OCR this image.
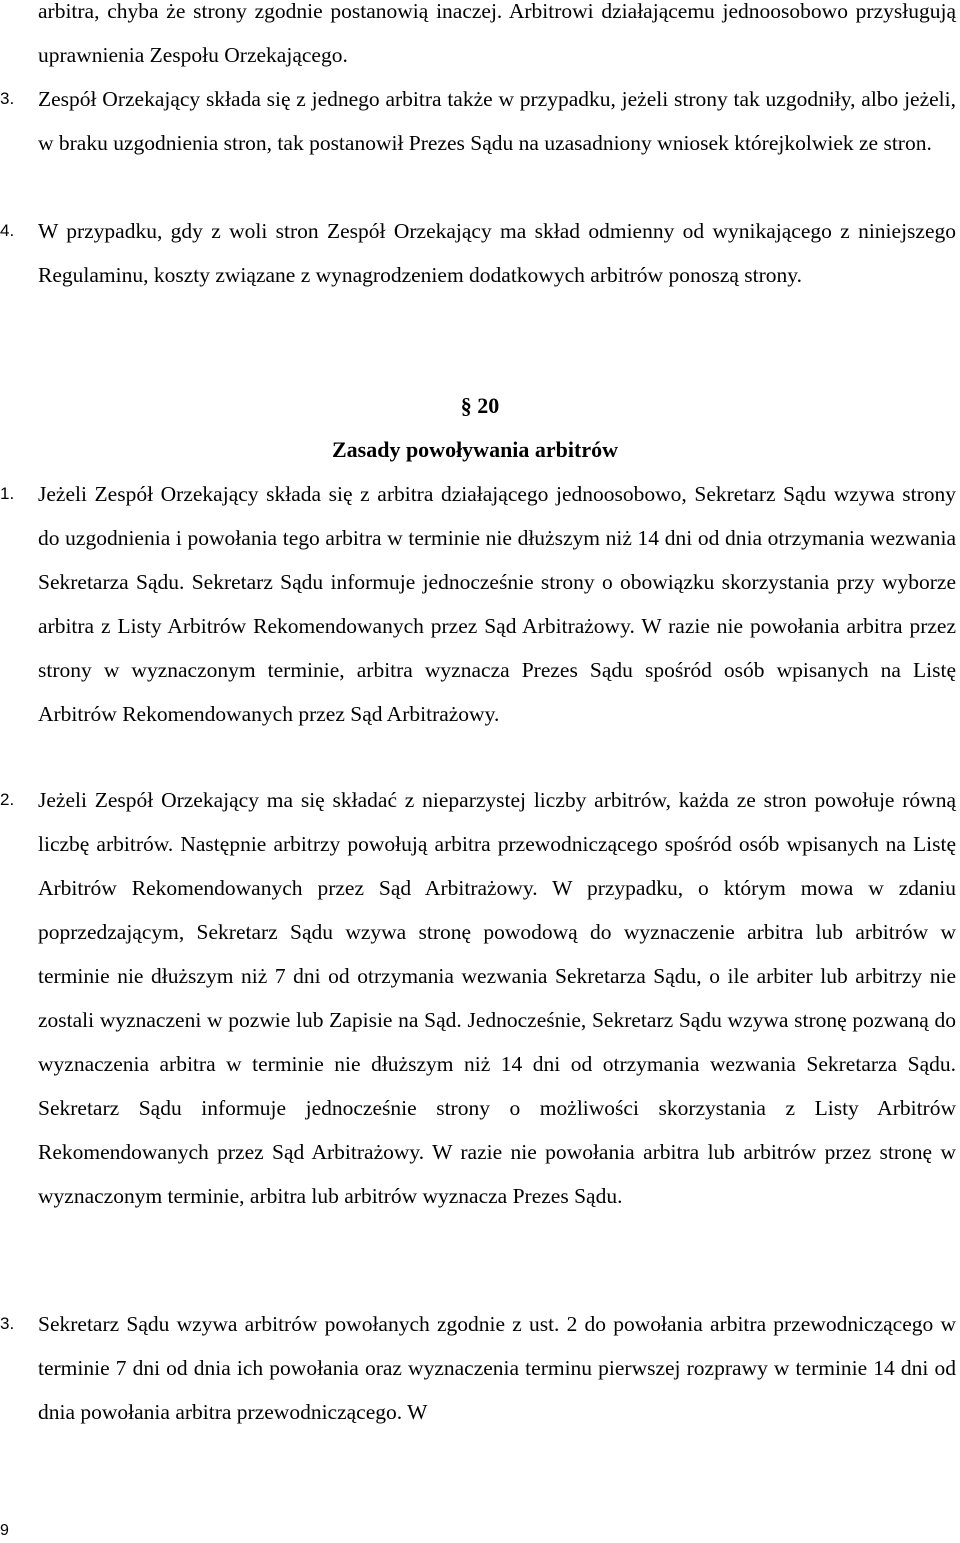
arbitra, chyba że strony zgodnie postanowią inaczej. Arbitrowi działającemu jednoosobowo przysługują uprawnienia Zespołu Orzekającego.
3.	Zespół Orzekający składa się z jednego arbitra także w przypadku, jeżeli strony tak uzgodniły, albo jeżeli, w braku uzgodnienia stron, tak postanowił Prezes Sądu na uzasadniony wniosek którejkolwiek ze stron.
4.	W przypadku, gdy z woli stron Zespół Orzekający ma skład odmienny od wynikającego z niniejszego Regulaminu, koszty związane z wynagrodzeniem dodatkowych arbitrów ponoszą strony.
§ 20
Zasady powoływania arbitrów
1.	Jeżeli Zespół Orzekający składa się z arbitra działającego jednoosobowo, Sekretarz Sądu wzywa strony do uzgodnienia i powołania tego arbitra w terminie nie dłuższym niż 14 dni od dnia otrzymania wezwania Sekretarza Sądu. Sekretarz Sądu informuje jednocześnie strony o obowiązku skorzystania przy wyborze arbitra z Listy Arbitrów Rekomendowanych przez Sąd Arbitrażowy. W razie nie powołania arbitra przez strony w wyznaczonym terminie, arbitra wyznacza Prezes Sądu spośród osób wpisanych na Listę Arbitrów Rekomendowanych przez Sąd Arbitrażowy.
2.	Jeżeli Zespół Orzekający ma się składać z nieparzystej liczby arbitrów, każda ze stron powołuje równą liczbę arbitrów. Następnie arbitrzy powołują arbitra przewodniczącego spośród osób wpisanych na Listę Arbitrów Rekomendowanych przez Sąd Arbitrażowy. W przypadku, o którym mowa w zdaniu poprzedzającym, Sekretarz Sądu wzywa stronę powodową do wyznaczenie arbitra lub arbitrów w terminie nie dłuższym niż 7 dni od otrzymania wezwania Sekretarza Sądu, o ile arbiter lub arbitrzy nie zostali wyznaczeni w pozwie lub Zapisie na Sąd. Jednocześnie, Sekretarz Sądu wzywa stronę pozwaną do wyznaczenia arbitra w terminie nie dłuższym niż 14 dni od otrzymania wezwania Sekretarza Sądu. Sekretarz Sądu informuje jednocześnie strony o możliwości skorzystania z Listy Arbitrów Rekomendowanych przez Sąd Arbitrażowy. W razie nie powołania arbitra lub arbitrów przez stronę w wyznaczonym terminie, arbitra lub arbitrów wyznacza Prezes Sądu.
3.	Sekretarz Sądu wzywa arbitrów powołanych zgodnie z ust. 2 do powołania arbitra przewodniczącego w terminie 7 dni od dnia ich powołania oraz wyznaczenia terminu pierwszej rozprawy w terminie 14 dni od dnia powołania arbitra przewodniczącego. W
9
